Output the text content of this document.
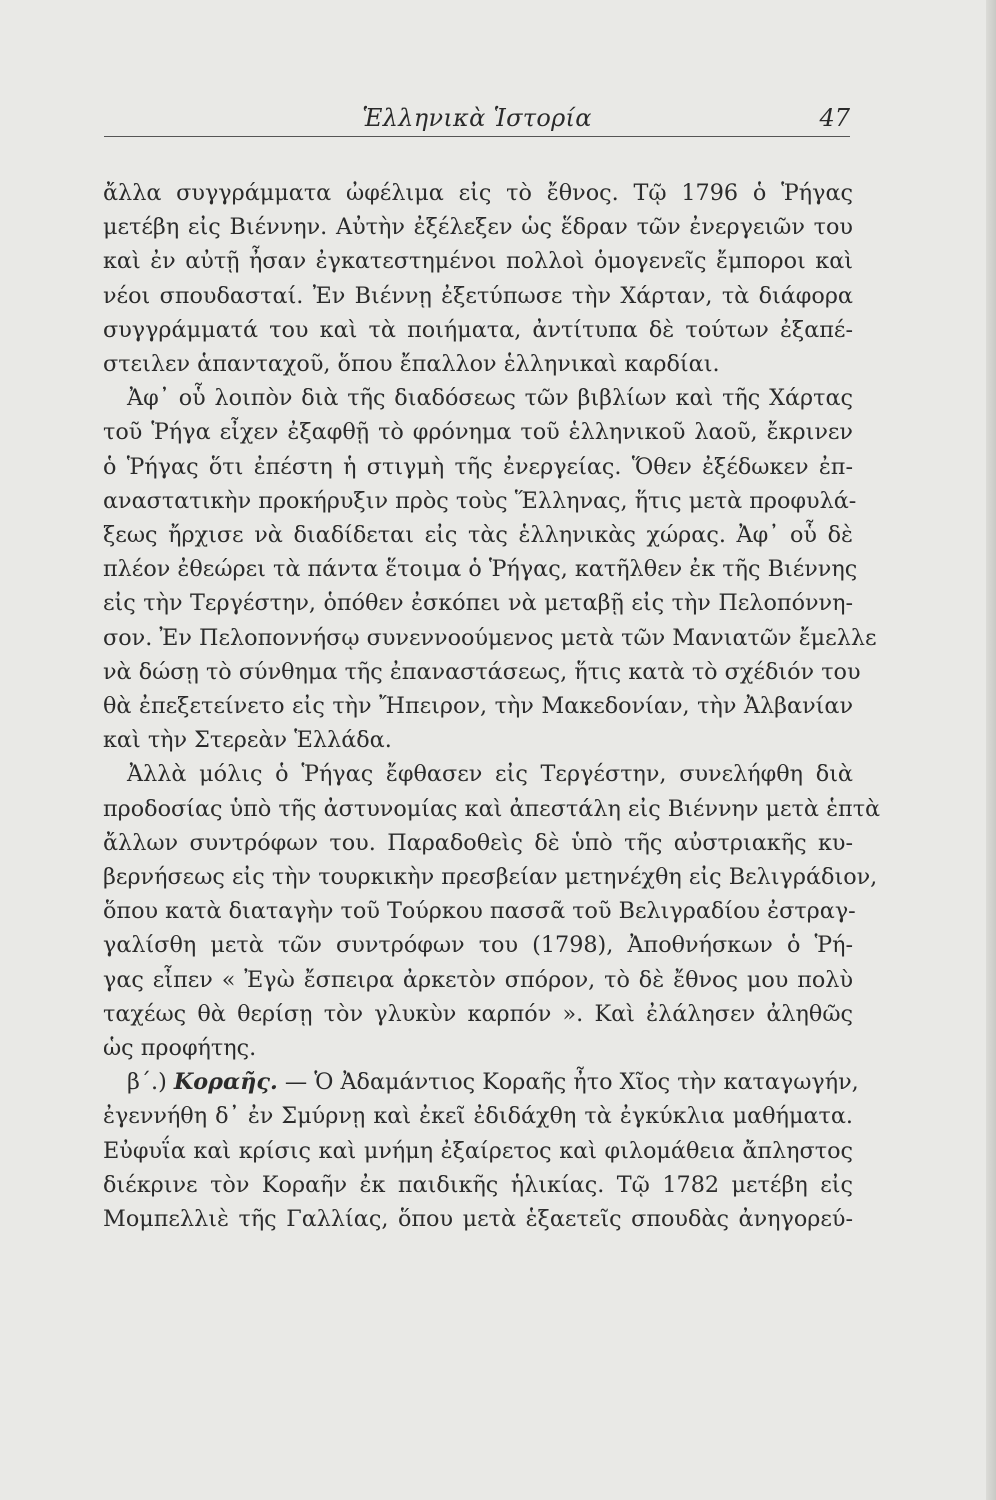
Ἑλληνικὰ Ἱστορία	47

ἄλλα συγγράμματα ὠφέλιμα εἰς τὸ ἔθνος. Τῷ 1796 ὁ Ῥήγας
μετέβη εἰς Βιέννην. Αὐτὴν ἐξέλεξεν ὡς ἕδραν τῶν ἐνεργειῶν του
καὶ ἐν αὐτῇ ἦσαν ἐγκατεστημένοι πολλοὶ ὁμογενεῖς ἔμποροι καὶ
νέοι σπουδασταί. Ἐν Βιέννῃ ἐξετύπωσε τὴν Χάρταν, τὰ διάφορα
συγγράμματά του καὶ τὰ ποιήματα, ἀντίτυπα δὲ τούτων ἐξαπέ-
στειλεν ἁπανταχοῦ, ὅπου ἔπαλλον ἑλληνικαὶ καρδίαι.

Ἀφ᾽ οὗ λοιπὸν διὰ τῆς διαδόσεως τῶν βιβλίων καὶ τῆς Χάρτας
τοῦ Ῥήγα εἶχεν ἐξαφθῇ τὸ φρόνημα τοῦ ἑλληνικοῦ λαοῦ, ἔκρινεν
ὁ Ῥήγας ὅτι ἐπέστη ἡ στιγμὴ τῆς ἐνεργείας. Ὅθεν ἐξέδωκεν ἐπ-
αναστατικὴν προκήρυξιν πρὸς τοὺς Ἕλληνας, ἥτις μετὰ προφυλά-
ξεως ἤρχισε νὰ διαδίδεται εἰς τὰς ἑλληνικὰς χώρας. Ἀφ᾽ οὗ δὲ
πλέον ἐθεώρει τὰ πάντα ἕτοιμα ὁ Ῥήγας, κατῆλθεν ἐκ τῆς Βιέννης
εἰς τὴν Τεργέστην, ὁπόθεν ἐσκόπει νὰ μεταβῇ εἰς τὴν Πελοπόννη-
σον. Ἐν Πελοποννήσῳ συνεννοούμενος μετὰ τῶν Μανιατῶν ἔμελλε
νὰ δώσῃ τὸ σύνθημα τῆς ἐπαναστάσεως, ἥτις κατὰ τὸ σχέδιόν του
θὰ ἐπεξετείνετο εἰς τὴν Ἤπειρον, τὴν Μακεδονίαν, τὴν Ἀλβανίαν
καὶ τὴν Στερεὰν Ἑλλάδα.

Ἀλλὰ μόλις ὁ Ῥήγας ἔφθασεν εἰς Τεργέστην, συνελήφθη διὰ
προδοσίας ὑπὸ τῆς ἀστυνομίας καὶ ἀπεστάλη εἰς Βιέννην μετὰ ἑπτὰ
ἄλλων συντρόφων του. Παραδοθεὶς δὲ ὑπὸ τῆς αὐστριακῆς κυ-
βερνήσεως εἰς τὴν τουρκικὴν πρεσβείαν μετηνέχθη εἰς Βελιγράδιον,
ὅπου κατὰ διαταγὴν τοῦ Τούρκου πασσᾶ τοῦ Βελιγραδίου ἐστραγ-
γαλίσθη μετὰ τῶν συντρόφων του (1798), Ἀποθνήσκων ὁ Ῥή-
γας εἶπεν « Ἐγὼ ἔσπειρα ἀρκετὸν σπόρον, τὸ δὲ ἔθνος μου πολὺ
ταχέως θὰ θερίσῃ τὸν γλυκὺν καρπόν ». Καὶ ἐλάλησεν ἀληθῶς
ὡς προφήτης.

β΄.) Κοραῆς. — Ὁ Ἀδαμάντιος Κοραῆς ἦτο Χῖος τὴν καταγωγήν,
ἐγεννήθη δ᾽ ἐν Σμύρνῃ καὶ ἐκεῖ ἐδιδάχθη τὰ ἐγκύκλια μαθήματα.
Εὐφυΐα καὶ κρίσις καὶ μνήμη ἐξαίρετος καὶ φιλομάθεια ἄπληστος
διέκρινε τὸν Κοραῆν ἐκ παιδικῆς ἡλικίας. Τῷ 1782 μετέβη εἰς
Μομπελλιὲ τῆς Γαλλίας, ὅπου μετὰ ἑξαετεῖς σπουδὰς ἀνηγορεύ-
